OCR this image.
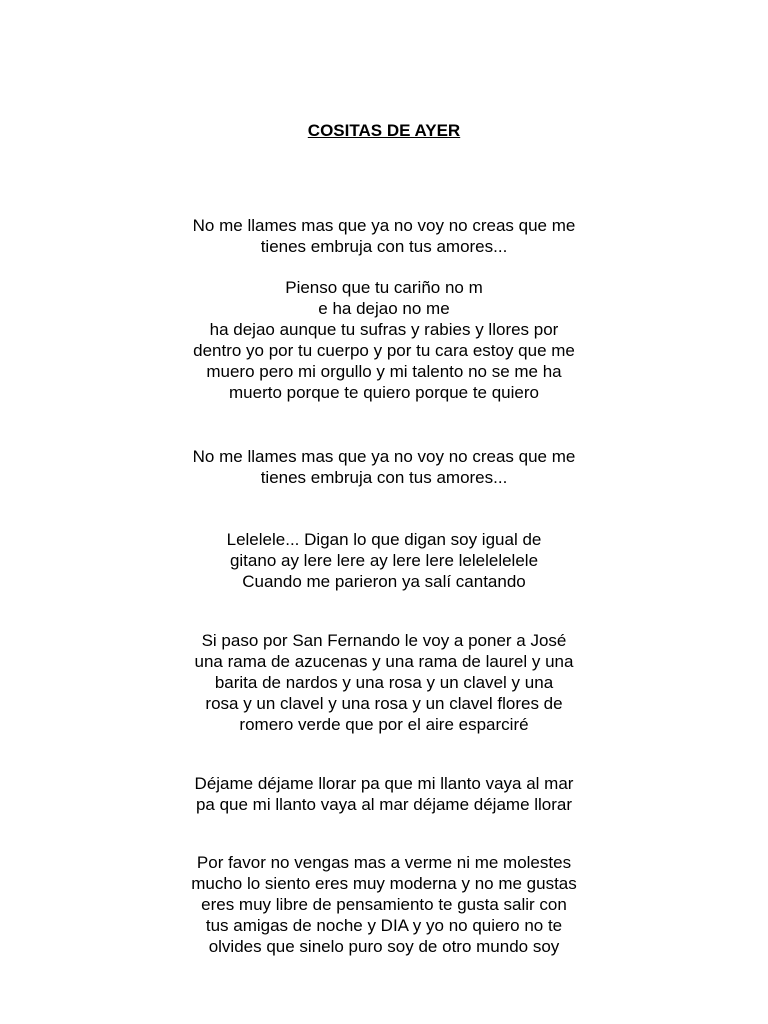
COSITAS DE AYER
No me llames mas que ya no voy no creas que me
tienes embruja con tus amores...
Pienso que tu cariño no m
e ha dejao no me
ha dejao aunque tu sufras y rabies y llores por
dentro yo por tu cuerpo y por tu cara estoy que me
muero pero mi orgullo y mi talento no se me ha
muerto porque te quiero porque te quiero
No me llames mas que ya no voy no creas que me
tienes embruja con tus amores...
Lelelele... Digan lo que digan soy igual de
gitano ay lere lere ay lere lere lelelelelele
Cuando me parieron ya salí cantando
Si paso por San Fernando le voy a poner a José
una rama de azucenas y una rama de laurel y una
barita de nardos y una rosa y un clavel y una
rosa y un clavel y una rosa y un clavel flores de
romero verde que por el aire esparciré
Déjame déjame llorar pa que mi llanto vaya al mar
pa que mi llanto vaya al mar déjame déjame llorar
Por favor no vengas mas a verme ni me molestes
mucho lo siento eres muy moderna y no me gustas
eres muy libre de pensamiento te gusta salir con
tus amigas de noche y DIA y yo no quiero no te
olvides que sinelo puro soy de otro mundo soy
